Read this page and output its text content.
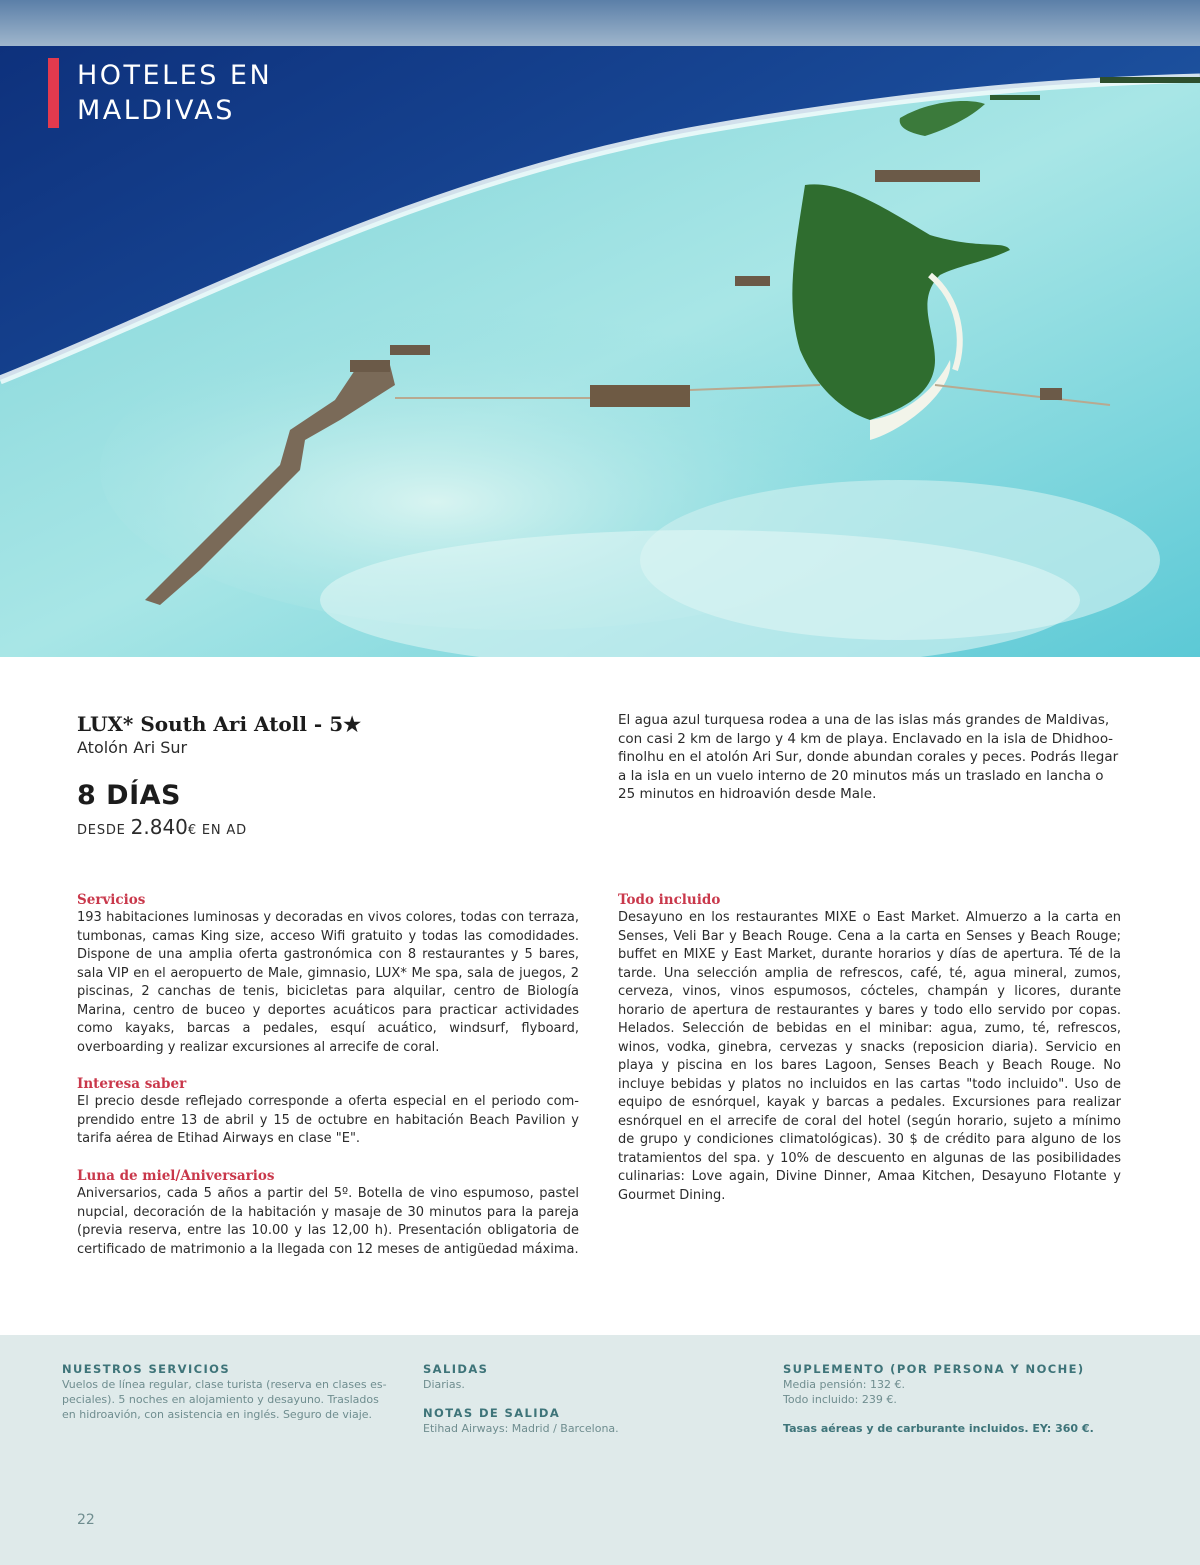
HOTELES EN
MALDIVAS
LUX* South Ari Atoll - 5★
Atolón Ari Sur
8 DÍAS
DESDE 2.840€ EN AD
El agua azul turquesa rodea a una de las islas más grandes de Maldivas, con casi 2 km de largo y 4 km de playa. Enclavado en la isla de Dhidhoofinolhu en el atolón Ari Sur, donde abundan corales y peces. Podrás llegar a la isla en un vuelo interno de 20 minutos más un traslado en lancha o 25 minutos en hidroavión desde Male.
Servicios
193 habitaciones luminosas y decoradas en vivos colores, todas con terraza, tumbonas, camas King size, acceso Wifi gratuito y todas las comodidades. Dispone de una amplia oferta gastronómica con 8 restaurantes y 5 bares, sala VIP en el aeropuerto de Male, gimnasio, LUX* Me spa, sala de juegos, 2 piscinas, 2 canchas de tenis, bicicletas para alquilar, centro de Biología Marina, centro de buceo y deportes acuáticos para practicar actividades como kayaks, barcas a pedales, esquí acuático, windsurf, flyboard, overboarding y realizar excursiones al arrecife de coral.
Interesa saber
El precio desde reflejado corresponde a oferta especial en el periodo comprendido entre 13 de abril y 15 de octubre en habitación Beach Pavilion y tarifa aérea de Etihad Airways en clase "E".
Luna de miel/Aniversarios
Aniversarios, cada 5 años a partir del 5º. Botella de vino espumoso, pastel nupcial, decoración de la habitación y masaje de 30 minutos para la pareja (previa reserva, entre las 10.00 y las 12,00 h). Presentación obligatoria de certificado de matrimonio a la llegada con 12 meses de antigüedad máxima.
Todo incluido
Desayuno en los restaurantes MIXE o East Market. Almuerzo a la carta en Senses, Veli Bar y Beach Rouge. Cena a la carta en Senses y Beach Rouge; buffet en MIXE y East Market, durante horarios y días de apertura. Té de la tarde. Una selección amplia de refrescos, café, té, agua mineral, zumos, cerveza, vinos, vinos espumosos, cócteles, champán y licores, durante horario de apertura de restaurantes y bares y todo ello servido por copas. Helados. Selección de bebidas en el minibar: agua, zumo, té, refrescos, winos, vodka, ginebra, cervezas y snacks (reposicion diaria). Servicio en playa y piscina en los bares Lagoon, Senses Beach y Beach Rouge. No incluye bebidas y platos no incluidos en las cartas "todo incluido". Uso de equipo de esnórquel, kayak y barcas a pedales. Excursiones para realizar esnórquel en el arrecife de coral del hotel (según horario, sujeto a mínimo de grupo y condiciones climatológicas). 30 $ de crédito para alguno de los tratamientos del spa. y 10% de descuento en algunas de las posibilidades culinarias: Love again, Divine Dinner, Amaa Kitchen, Desayuno Flotante y Gourmet Dining.
NUESTROS SERVICIOS
Vuelos de línea regular, clase turista (reserva en clases especiales). 5 noches en alojamiento y desayuno. Traslados en hidroavión, con asistencia en inglés. Seguro de viaje.
SALIDAS
Diarias.
NOTAS DE SALIDA
Etihad Airways: Madrid / Barcelona.
SUPLEMENTO (POR PERSONA Y NOCHE)
Media pensión: 132 €.
Todo incluido: 239 €.
Tasas aéreas y de carburante incluidos. EY: 360 €.
22
